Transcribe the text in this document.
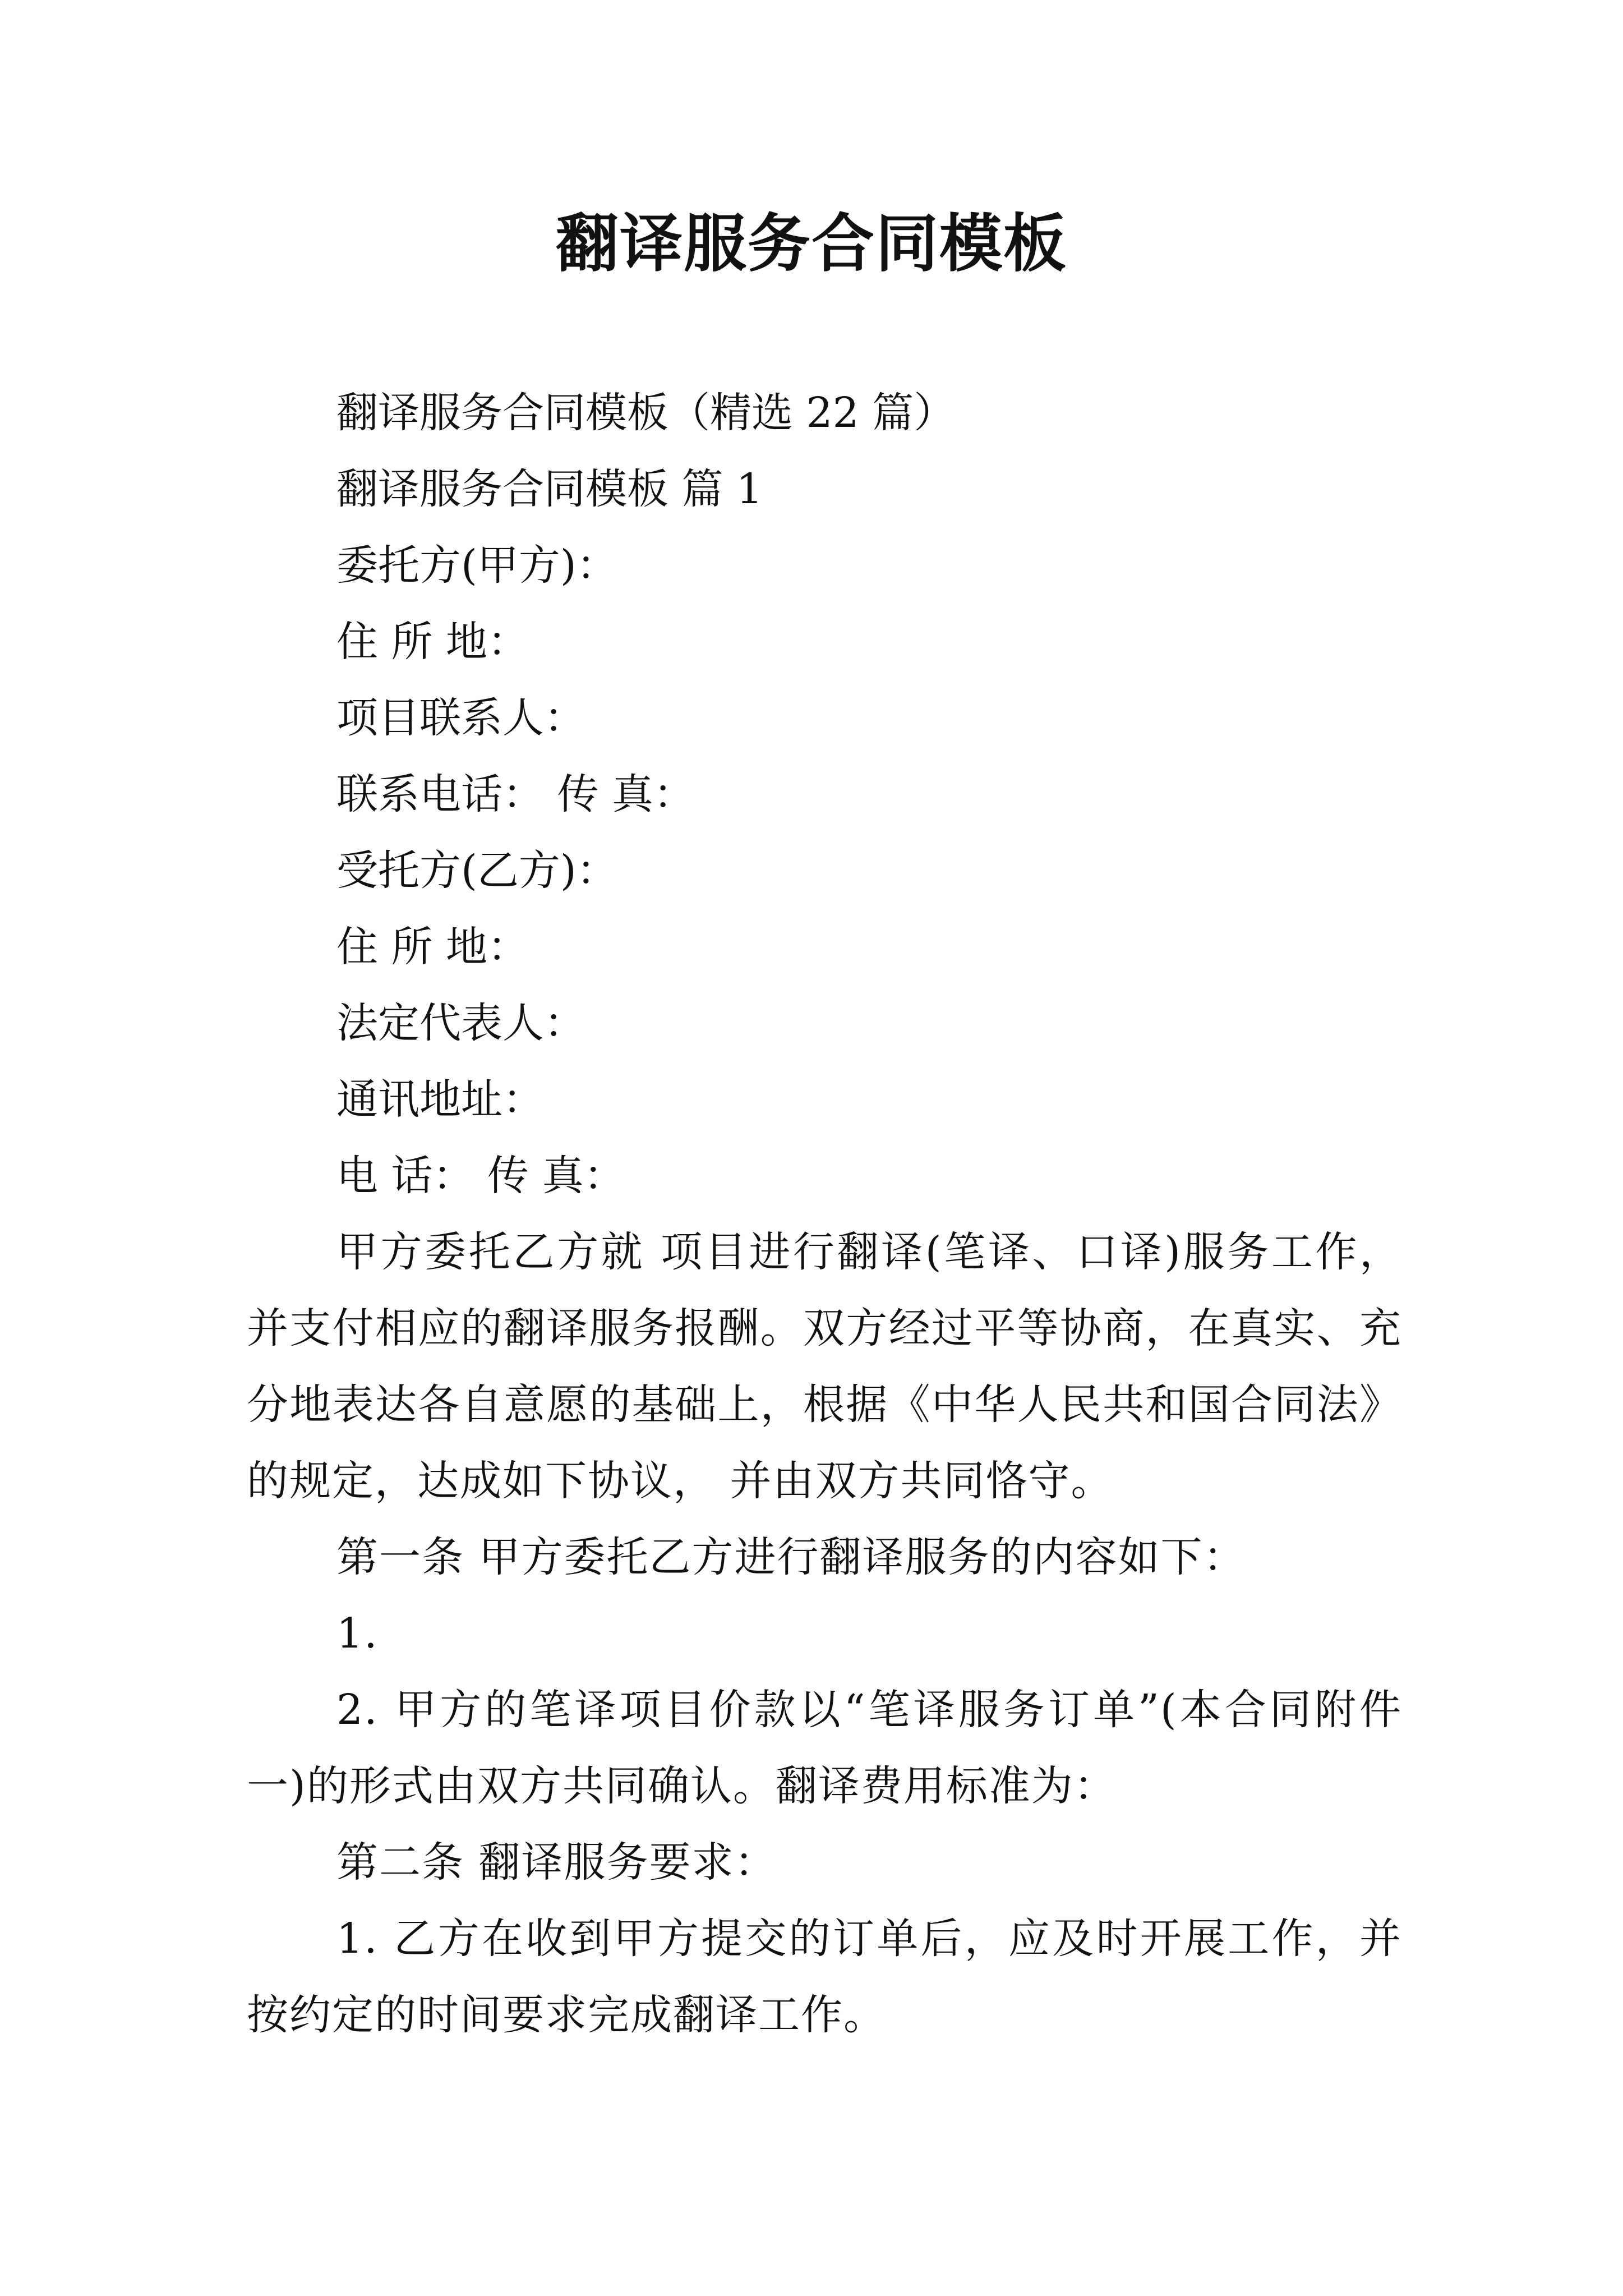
翻译服务合同模板

翻译服务合同模板（精选 22 篇）

翻译服务合同模板 篇 1

委托方(甲方)：

住 所 地：

项目联系人：

联系电话： 传 真：

受托方(乙方)：

住 所 地：

法定代表人：

通讯地址：

电 话： 传 真：

甲方委托乙方就 项目进行翻译(笔译、口译)服务工作，并支付相应的翻译服务报酬。双方经过平等协商，在真实、充分地表达各自意愿的基础上，根据《中华人民共和国合同法》的规定，达成如下协议， 并由双方共同恪守。

第一条 甲方委托乙方进行翻译服务的内容如下：

1.

2. 甲方的笔译项目价款以“笔译服务订单”(本合同附件一)的形式由双方共同确认。翻译费用标准为：

第二条 翻译服务要求：

1. 乙方在收到甲方提交的订单后，应及时开展工作，并按约定的时间要求完成翻译工作。
